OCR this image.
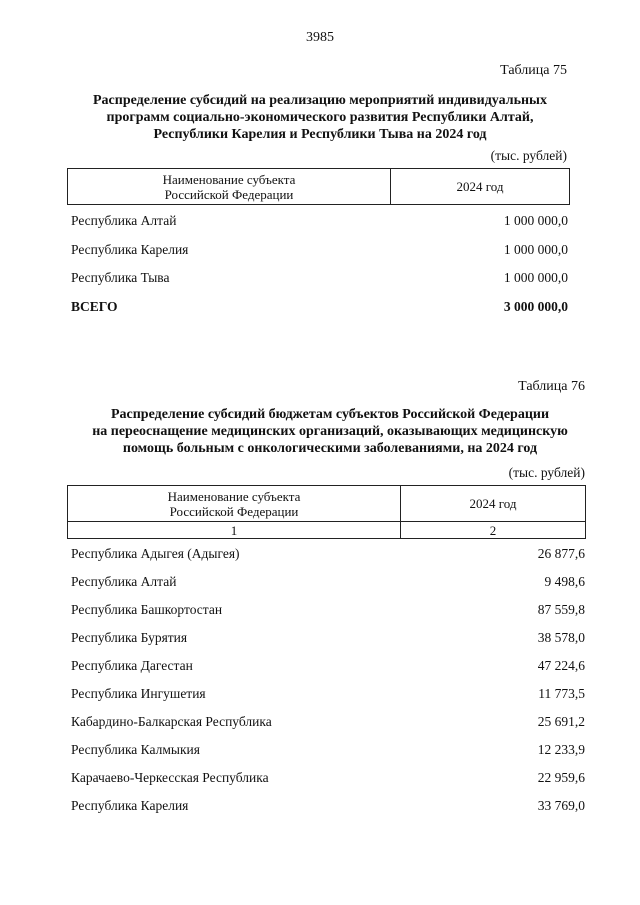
3985
Таблица 75
Распределение субсидий на реализацию мероприятий индивидуальных
программ социально-экономического развития Республики Алтай,
Республики Карелия и Республики Тыва на 2024 год
(тыс. рублей)
Наименование субъекта
Российской Федерации	2024 год
Республика Алтай	1 000 000,0
Республика Карелия	1 000 000,0
Республика Тыва	1 000 000,0
ВСЕГО	3 000 000,0
Таблица 76
Распределение субсидий бюджетам субъектов Российской Федерации
на переоснащение медицинских организаций, оказывающих медицинскую
помощь больным с онкологическими заболеваниями, на 2024 год
(тыс. рублей)
Наименование субъекта
Российской Федерации	2024 год
1	2
Республика Адыгея (Адыгея)	26 877,6
Республика Алтай	9 498,6
Республика Башкортостан	87 559,8
Республика Бурятия	38 578,0
Республика Дагестан	47 224,6
Республика Ингушетия	11 773,5
Кабардино-Балкарская Республика	25 691,2
Республика Калмыкия	12 233,9
Карачаево-Черкесская Республика	22 959,6
Республика Карелия	33 769,0
